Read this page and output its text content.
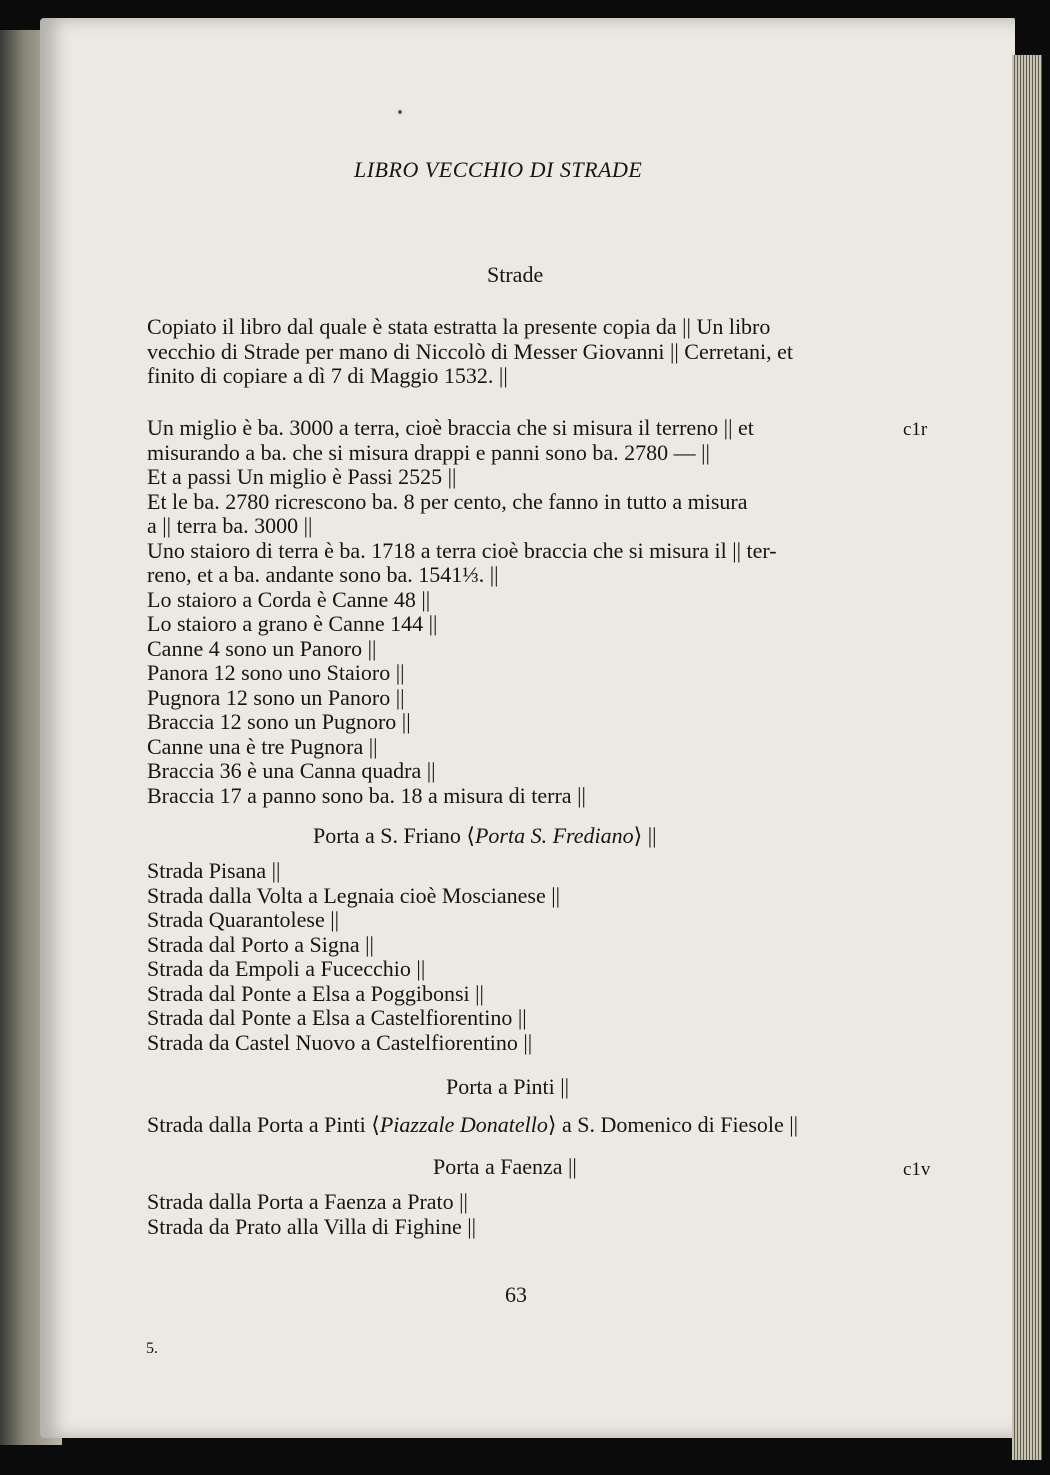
LIBRO VECCHIO DI STRADE
Strade
Copiato il libro dal quale è stata estratta la presente copia da || Un libro
vecchio di Strade per mano di Niccolò di Messer Giovanni || Cerretani, et
finito di copiare a dì 7 di Maggio 1532. ||
Un miglio è ba. 3000 a terra, cioè braccia che si misura il terreno || et
misurando a ba. che si misura drappi e panni sono ba. 2780 — ||
Et a passi Un miglio è Passi 2525 ||
Et le ba. 2780 ricrescono ba. 8 per cento, che fanno in tutto a misura
a || terra ba. 3000 ||
Uno staioro di terra è ba. 1718 a terra cioè braccia che si misura il || ter-
reno, et a ba. andante sono ba. 1541⅓. ||
Lo staioro a Corda è Canne 48 ||
Lo staioro a grano è Canne 144 ||
Canne 4 sono un Panoro ||
Panora 12 sono uno Staioro ||
Pugnora 12 sono un Panoro ||
Braccia 12 sono un Pugnoro ||
Canne una è tre Pugnora ||
Braccia 36 è una Canna quadra ||
Braccia 17 a panno sono ba. 18 a misura di terra ||
c1r
Porta a S. Friano ⟨Porta S. Frediano⟩ ||
Strada Pisana ||
Strada dalla Volta a Legnaia cioè Moscianese ||
Strada Quarantolese ||
Strada dal Porto a Signa ||
Strada da Empoli a Fucecchio ||
Strada dal Ponte a Elsa a Poggibonsi ||
Strada dal Ponte a Elsa a Castelfiorentino ||
Strada da Castel Nuovo a Castelfiorentino ||
Porta a Pinti ||
Strada dalla Porta a Pinti ⟨Piazzale Donatello⟩ a S. Domenico di Fiesole ||
Porta a Faenza ||	c1v
Strada dalla Porta a Faenza a Prato ||
Strada da Prato alla Villa di Fighine ||
63
5.
